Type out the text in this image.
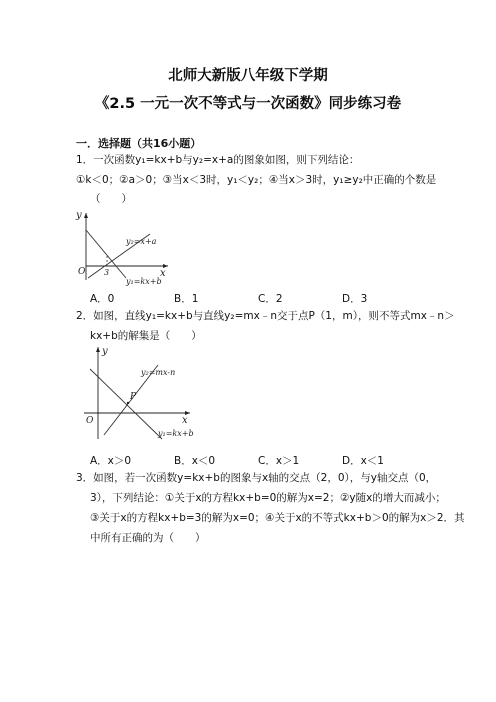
北师大新版八年级下学期
《2.5 一元一次不等式与一次函数》同步练习卷
一．选择题（共16小题）
1．一次函数y₁=kx+b与y₂=x+a的图象如图，则下列结论：
①k＜0；②a＞0；③当x＜3时，y₁＜y₂；④当x＞3时，y₁≥y₂中正确的个数是
（　　）
y
x
O 3
y₂=x+a
y₁=kx+b
A．0	B．1	C．2	D．3
2．如图，直线y₁=kx+b与直线y₂=mx﹣n交于点P（1，m），则不等式mx﹣n＞
kx+b的解集是（　　）
y
x
O
P
y₂=mx-n
y₁=kx+b
A．x＞0	B．x＜0	C．x＞1	D．x＜1
3．如图，若一次函数y=kx+b的图象与x轴的交点（2，0），与y轴交点（0，
3），下列结论：①关于x的方程kx+b=0的解为x=2；②y随x的增大而减小；
③关于x的方程kx+b=3的解为x=0；④关于x的不等式kx+b＞0的解为x＞2．其
中所有正确的为（　　）
